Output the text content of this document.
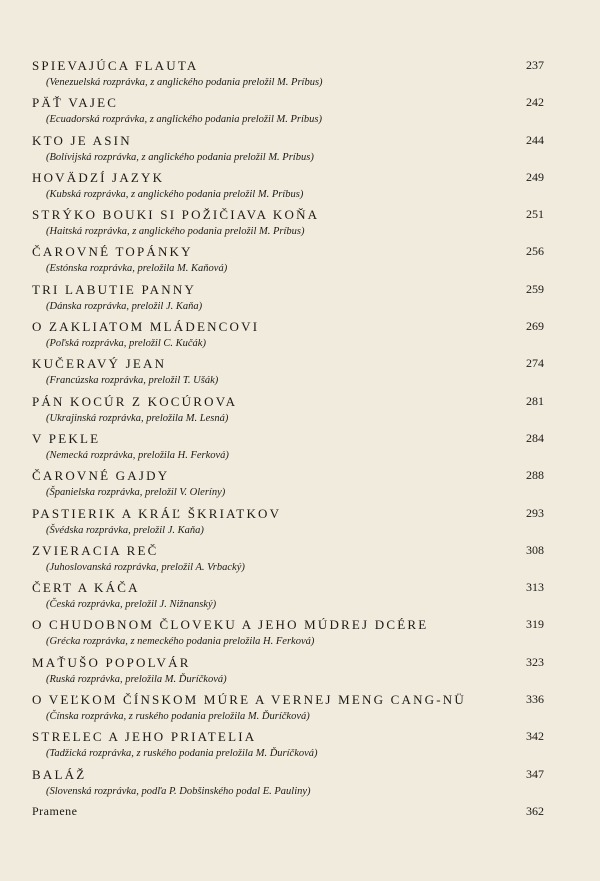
SPIEVAJÚCA FLAUTA	237
(Venezuelská rozprávka, z anglického podania preložil M. Príbus)
PÄŤ VAJEC	242
(Ecuadorská rozprávka, z anglického podania preložil M. Príbus)
KTO JE ASIN	244
(Bolívijská rozprávka, z anglického podania preložil M. Príbus)
HOVÄDZÍ JAZYK	249
(Kubská rozprávka, z anglického podania preložil M. Príbus)
STRÝKO BOUKI SI POŽIČIAVA KOŇA	251
(Haitská rozprávka, z anglického podania preložil M. Príbus)
ČAROVNÉ TOPÁNKY	256
(Estónska rozprávka, preložila M. Kaňová)
TRI LABUTIE PANNY	259
(Dánska rozprávka, preložil J. Kaňa)
O ZAKLIATOM MLÁDENCOVI	269
(Poľská rozprávka, preložil C. Kučák)
KUČERAVÝ JEAN	274
(Francúzska rozprávka, preložil T. Ušák)
PÁN KOCÚR Z KOCÚROVA	281
(Ukrajinská rozprávka, preložila M. Lesná)
V PEKLE	284
(Nemecká rozprávka, preložila H. Ferková)
ČAROVNÉ GAJDY	288
(Španielska rozprávka, preložil V. Oleríny)
PASTIERIK A KRÁĽ ŠKRIATKOV	293
(Švédska rozprávka, preložil J. Kaňa)
ZVIERACIA REČ	308
(Juhoslovanská rozprávka, preložil A. Vrbacký)
ČERT A KÁČA	313
(Česká rozprávka, preložil J. Nižnanský)
O CHUDOBNOM ČLOVEKU A JEHO MÚDREJ DCÉRE	319
(Grécka rozprávka, z nemeckého podania preložila H. Ferková)
MAŤUŠO POPOLVÁR	323
(Ruská rozprávka, preložila M. Ďuríčková)
O VEĽKOM ČÍNSKOM MÚRE A VERNEJ MENG CANG-NÜ	336
(Čínska rozprávka, z ruského podania preložila M. Ďuríčková)
STRELEC A JEHO PRIATELIA	342
(Tadžická rozprávka, z ruského podania preložila M. Ďuríčková)
BALÁŽ	347
(Slovenská rozprávka, podľa P. Dobšinského podal E. Pauliny)
Pramene	362
